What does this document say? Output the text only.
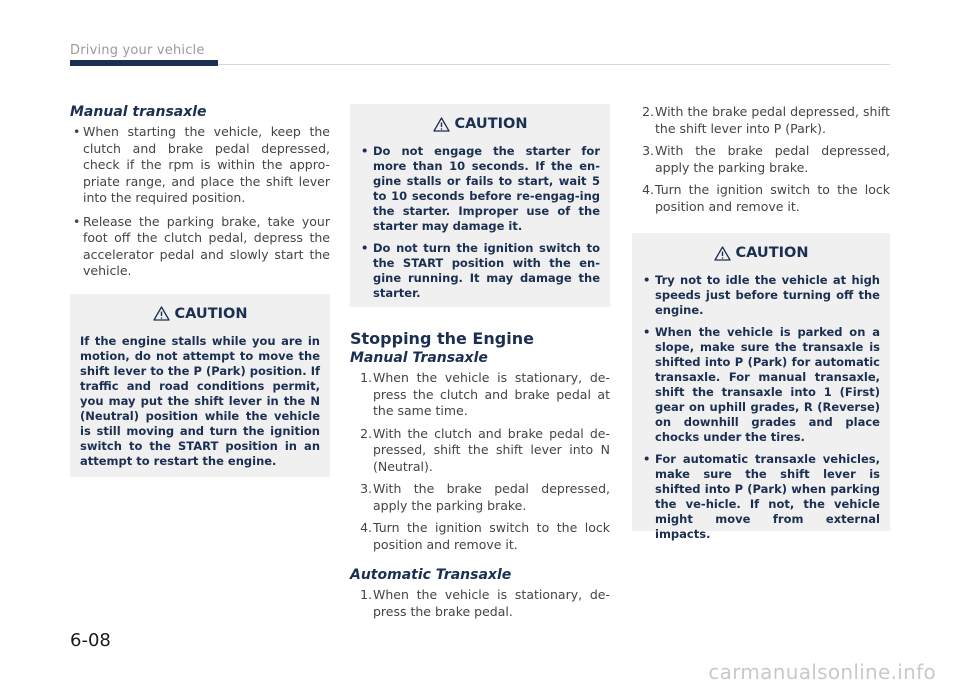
Driving your vehicle
Manual transaxle
• When starting the vehicle, keep the clutch and brake pedal depressed, check if the rpm is within the appro-priate range, and place the shift lever into the required position.
• Release the parking brake, take your foot off the clutch pedal, depress the accelerator pedal and slowly start the vehicle.
CAUTION
If the engine stalls while you are in motion, do not attempt to move the shift lever to the P (Park) position. If traffic and road conditions permit, you may put the shift lever in the N (Neutral) position while the vehicle is still moving and turn the ignition switch to the START position in an attempt to restart the engine.
CAUTION
• Do not engage the starter for more than 10 seconds. If the en-gine stalls or fails to start, wait 5 to 10 seconds before re-engag-ing the starter. Improper use of the starter may damage it.
• Do not turn the ignition switch to the START position with the en-gine running. It may damage the starter.
Stopping the Engine
Manual Transaxle
1. When the vehicle is stationary, de-press the clutch and brake pedal at the same time.
2. With the clutch and brake pedal de-pressed, shift the shift lever into N (Neutral).
3. With the brake pedal depressed, apply the parking brake.
4. Turn the ignition switch to the lock position and remove it.
Automatic Transaxle
1. When the vehicle is stationary, de-press the brake pedal.
2. With the brake pedal depressed, shift the shift lever into P (Park).
3. With the brake pedal depressed, apply the parking brake.
4. Turn the ignition switch to the lock position and remove it.
CAUTION
• Try not to idle the vehicle at high speeds just before turning off the engine.
• When the vehicle is parked on a slope, make sure the transaxle is shifted into P (Park) for automatic transaxle. For manual transaxle, shift the transaxle into 1 (First) gear on uphill grades, R (Reverse) on downhill grades and place chocks under the tires.
• For automatic transaxle vehicles, make sure the shift lever is shifted into P (Park) when parking the ve-hicle. If not, the vehicle might move from external impacts.
6-08
carmanualsonline.info
